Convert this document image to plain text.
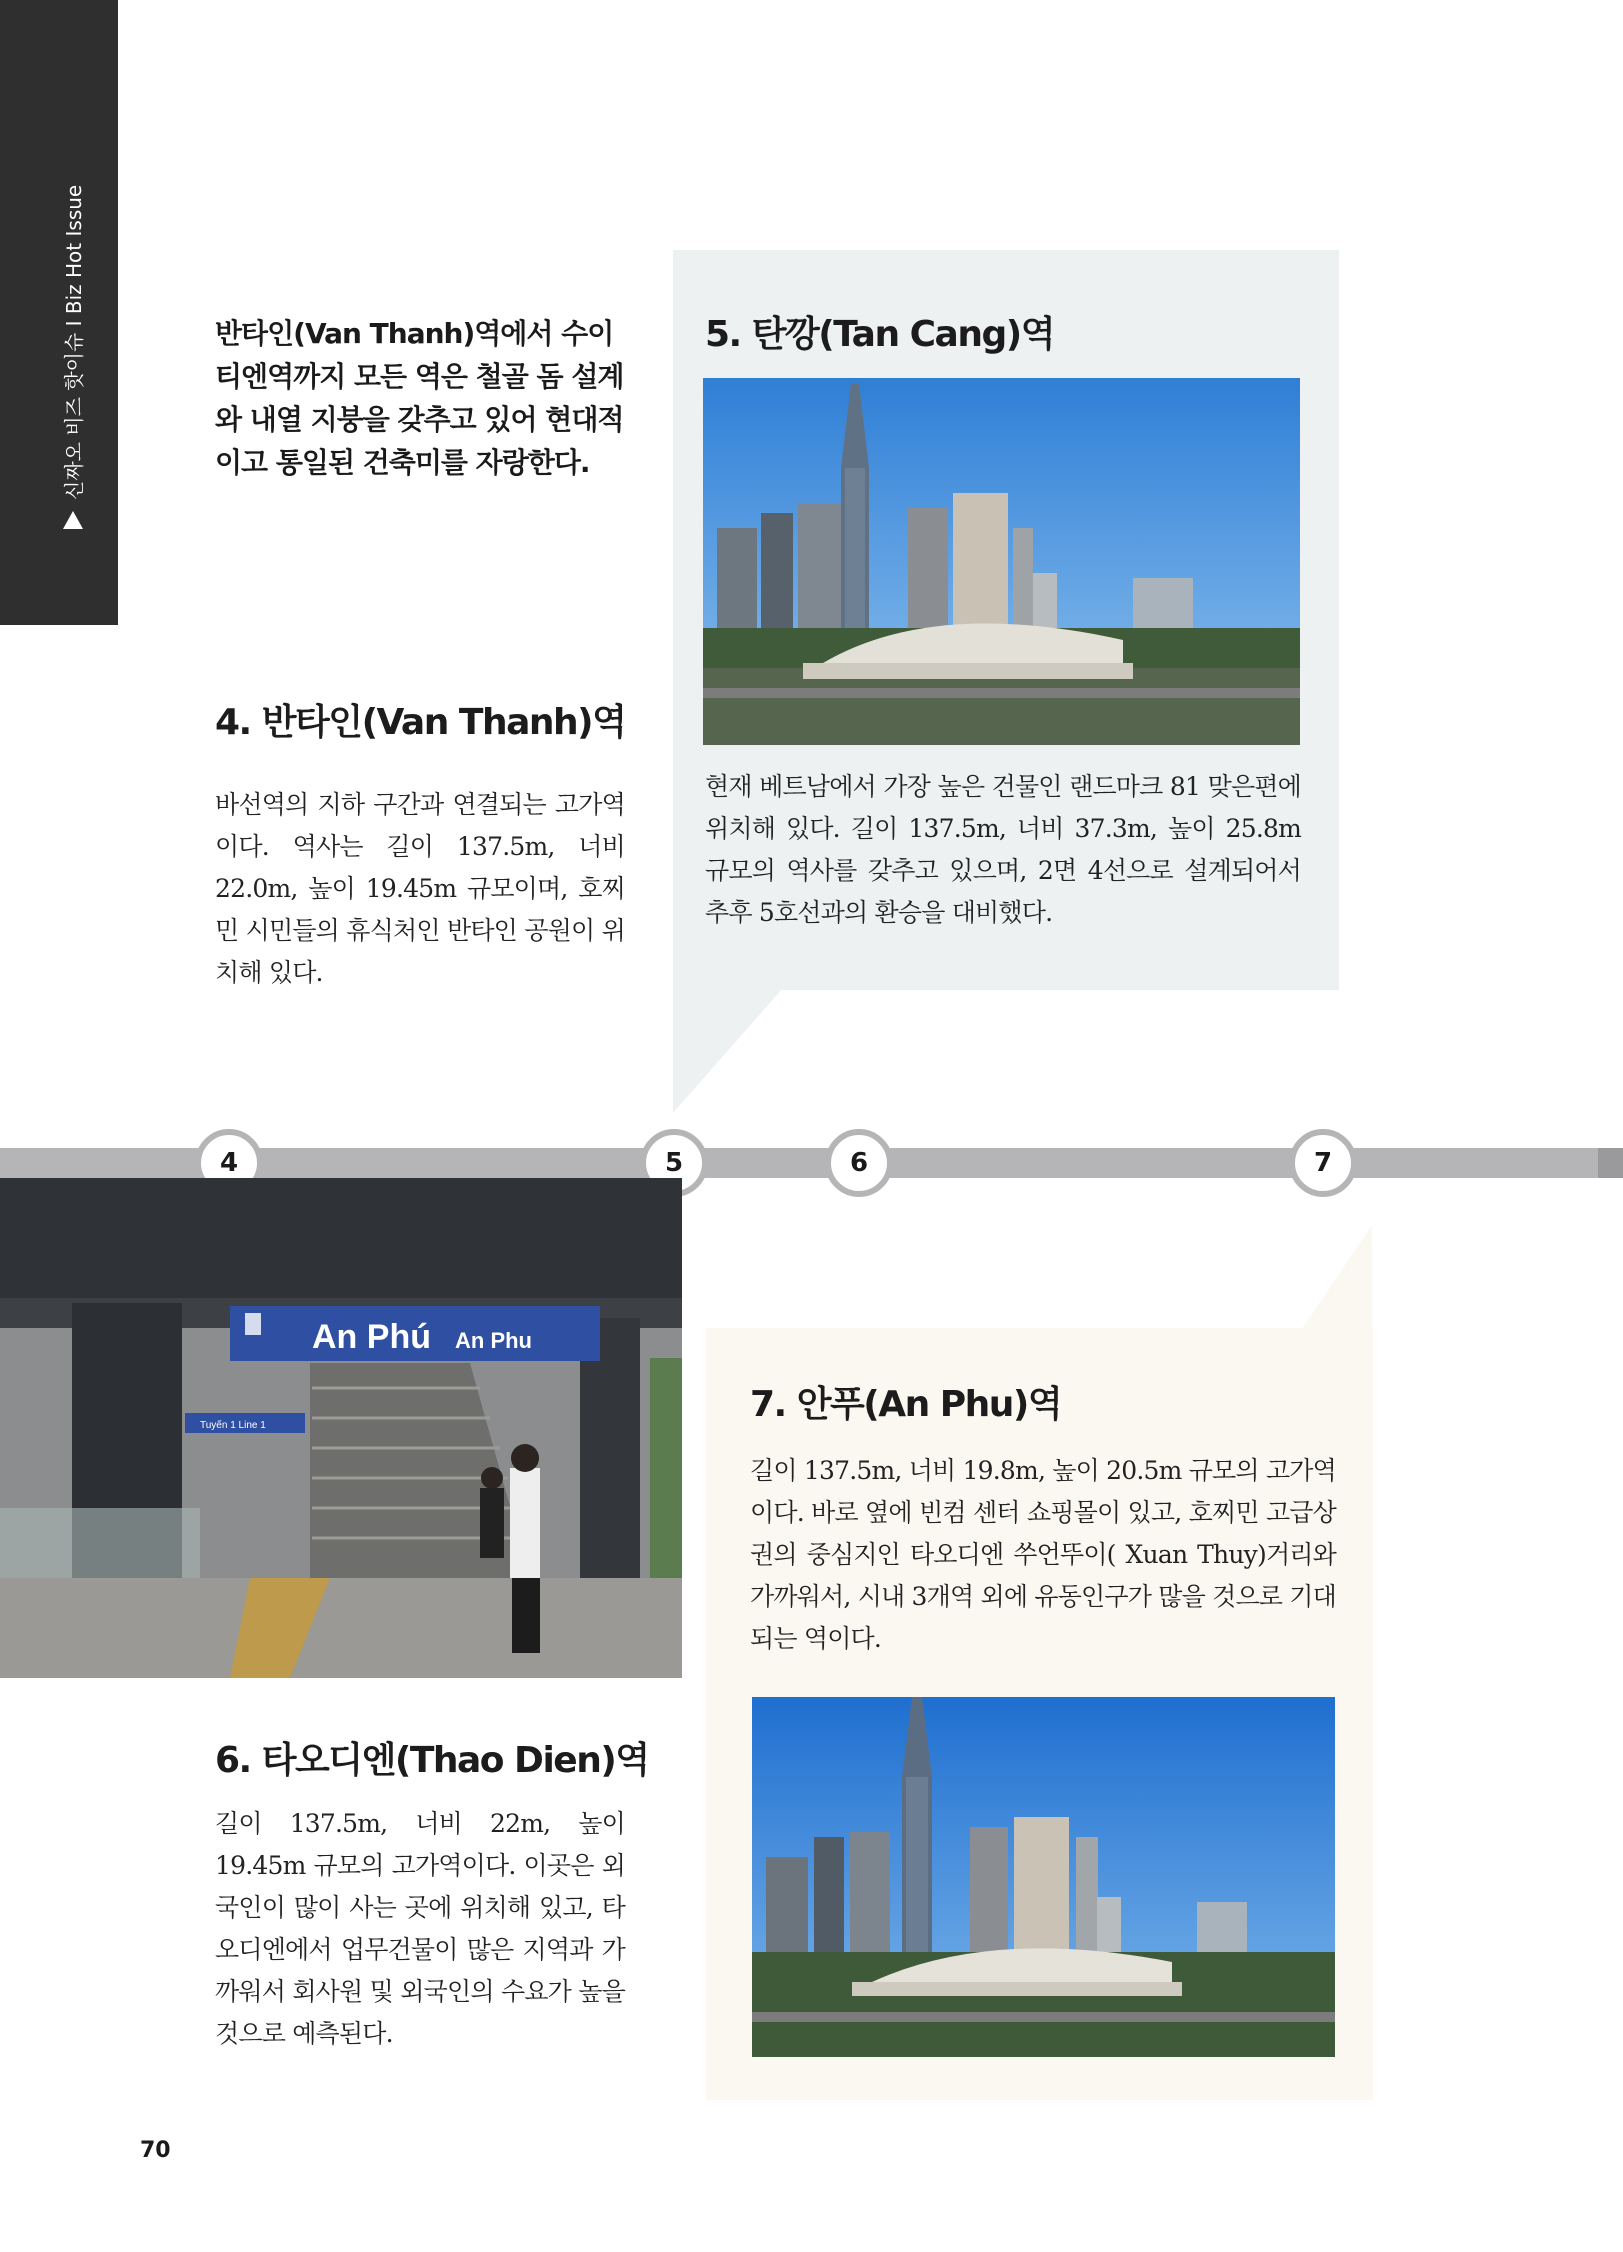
신짜오 비즈 핫이슈 I Biz Hot Issue	반타인(Van Thanh)역에서 수이티엔역까지 모든 역은 철골 돔 설계와 내열 지붕을 갖추고 있어 현대적이고 통일된 건축미를 자랑한다.
4. 반타인(Van Thanh)역
바선역의 지하 구간과 연결되는 고가역이다. 역사는 길이 137.5m, 너비 22.0m, 높이 19.45m 규모이며, 호찌민 시민들의 휴식처인 반타인 공원이 위치해 있다.
5. 탄깡(Tan Cang)역
현재 베트남에서 가장 높은 건물인 랜드마크 81 맞은편에 위치해 있다. 길이 137.5m, 너비 37.3m, 높이 25.8m 규모의 역사를 갖추고 있으며, 2면 4선으로 설계되어서 추후 5호선과의 환승을 대비했다.
4	5	6	7
An Phú An Phu
Tuyến 1 Line 1
6. 타오디엔(Thao Dien)역
길이 137.5m, 너비 22m, 높이 19.45m 규모의 고가역이다. 이곳은 외국인이 많이 사는 곳에 위치해 있고, 타오디엔에서 업무건물이 많은 지역과 가까워서 회사원 및 외국인의 수요가 높을 것으로 예측된다.
7. 안푸(An Phu)역
길이 137.5m, 너비 19.8m, 높이 20.5m 규모의 고가역이다. 바로 옆에 빈컴 센터 쇼핑몰이 있고, 호찌민 고급상권의 중심지인 타오디엔 쑤언뚜이( Xuan Thuy)거리와 가까워서, 시내 3개역 외에 유동인구가 많을 것으로 기대되는 역이다.
70
